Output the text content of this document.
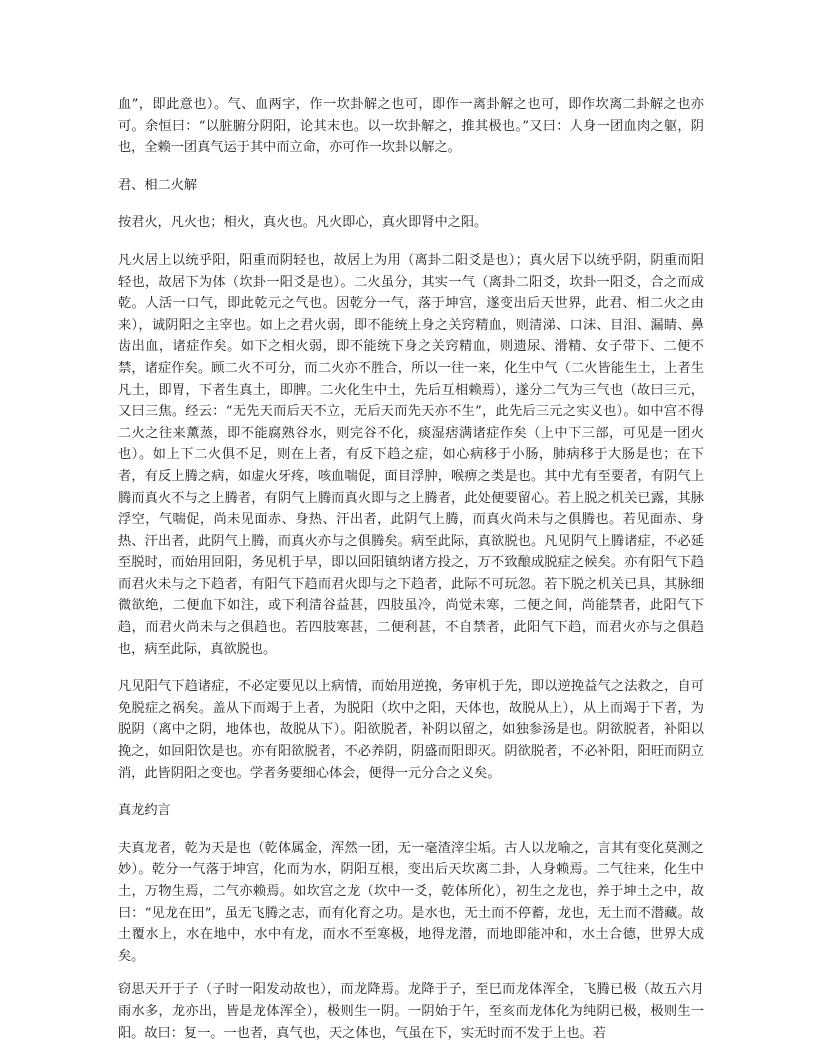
血”，即此意也）。气、血两字，作一坎卦解之也可，即作一离卦解之也可，即作坎离二卦解之也亦可。余恒曰：“以脏腑分阴阳，论其末也。以一坎卦解之，推其极也。”又曰：人身一团血肉之躯，阴也，全赖一团真气运于其中而立命，亦可作一坎卦以解之。

君、相二火解

按君火，凡火也；相火，真火也。凡火即心，真火即肾中之阳。

凡火居上以统乎阳，阳重而阴轻也，故居上为用（离卦二阳爻是也）；真火居下以统乎阴，阴重而阳轻也，故居下为体（坎卦一阳爻是也）。二火虽分，其实一气（离卦二阳爻，坎卦一阳爻，合之而成乾。人活一口气，即此乾元之气也。因乾分一气，落于坤宫，遂变出后天世界，此君、相二火之由来），诚阴阳之主宰也。如上之君火弱，即不能统上身之关窍精血，则清涕、口沫、目泪、漏睛、鼻齿出血，诸症作矣。如下之相火弱，即不能统下身之关窍精血，则遗尿、滑精、女子带下、二便不禁，诸症作矣。顾二火不可分，而二火亦不胜合，所以一往一来，化生中气（二火皆能生土，上者生凡土，即胃，下者生真土，即脾。二火化生中土，先后互相赖焉），遂分二气为三气也（故曰三元，又曰三焦。经云：“无先天而后天不立，无后天而先天亦不生”，此先后三元之实义也）。如中宫不得二火之往来薰蒸，即不能腐熟谷水，则完谷不化，痰湿痞满诸症作矣（上中下三部，可见是一团火也）。如上下二火俱不足，则在上者，有反下趋之症，如心病移于小肠，肺病移于大肠是也；在下者，有反上腾之病，如虚火牙疼，咳血喘促，面目浮肿，喉痹之类是也。其中尤有至要者，有阴气上腾而真火不与之上腾者，有阴气上腾而真火即与之上腾者，此处便要留心。若上脱之机关已露，其脉浮空，气喘促，尚未见面赤、身热、汗出者，此阴气上腾，而真火尚未与之俱腾也。若见面赤、身热、汗出者，此阴气上腾，而真火亦与之俱腾矣。病至此际，真欲脱也。凡见阴气上腾诸症，不必延至脱时，而始用回阳，务见机于早，即以回阳镇纳诸方投之，万不致酿成脱症之候矣。亦有阳气下趋而君火未与之下趋者，有阳气下趋而君火即与之下趋者，此际不可玩忽。若下脱之机关已具，其脉细微欲绝，二便血下如注，或下利清谷益甚，四肢虽冷，尚觉未寒，二便之间，尚能禁者，此阳气下趋，而君火尚未与之俱趋也。若四肢寒甚，二便利甚，不自禁者，此阳气下趋，而君火亦与之俱趋也，病至此际，真欲脱也。

凡见阳气下趋诸症，不必定要见以上病情，而始用逆挽，务审机于先，即以逆挽益气之法救之，自可免脱症之祸矣。盖从下而竭于上者，为脱阳（坎中之阳，天体也，故脱从上），从上而竭于下者，为脱阴（离中之阴，地体也，故脱从下）。阳欲脱者，补阴以留之，如独参汤是也。阴欲脱者，补阳以挽之，如回阳饮是也。亦有阳欲脱者，不必养阴，阴盛而阳即灭。阴欲脱者，不必补阳，阳旺而阴立消，此皆阴阳之变也。学者务要细心体会，便得一元分合之义矣。

真龙约言

夫真龙者，乾为天是也（乾体属金，浑然一团，无一毫渣滓尘垢。古人以龙喻之，言其有变化莫测之妙）。乾分一气落于坤宫，化而为水，阴阳互根，变出后天坎离二卦，人身赖焉。二气往来，化生中土，万物生焉，二气亦赖焉。如坎宫之龙（坎中一爻，乾体所化），初生之龙也，养于坤土之中，故曰：“见龙在田”，虽无飞腾之志，而有化育之功。是水也，无土而不停蓄，龙也，无土而不潜藏。故土覆水上，水在地中，水中有龙，而水不至寒极，地得龙潜，而地即能冲和，水土合德，世界大成矣。

窃思天开于子（子时一阳发动故也），而龙降焉。龙降于子，至巳而龙体浑全，飞腾已极（故五六月雨水多，龙亦出，皆是龙体浑全），极则生一阴。一阴始于午，至亥而龙体化为纯阴已极，极则生一阳。故曰：复一。一也者，真气也，天之体也，气虽在下，实无时而不发于上也。若
